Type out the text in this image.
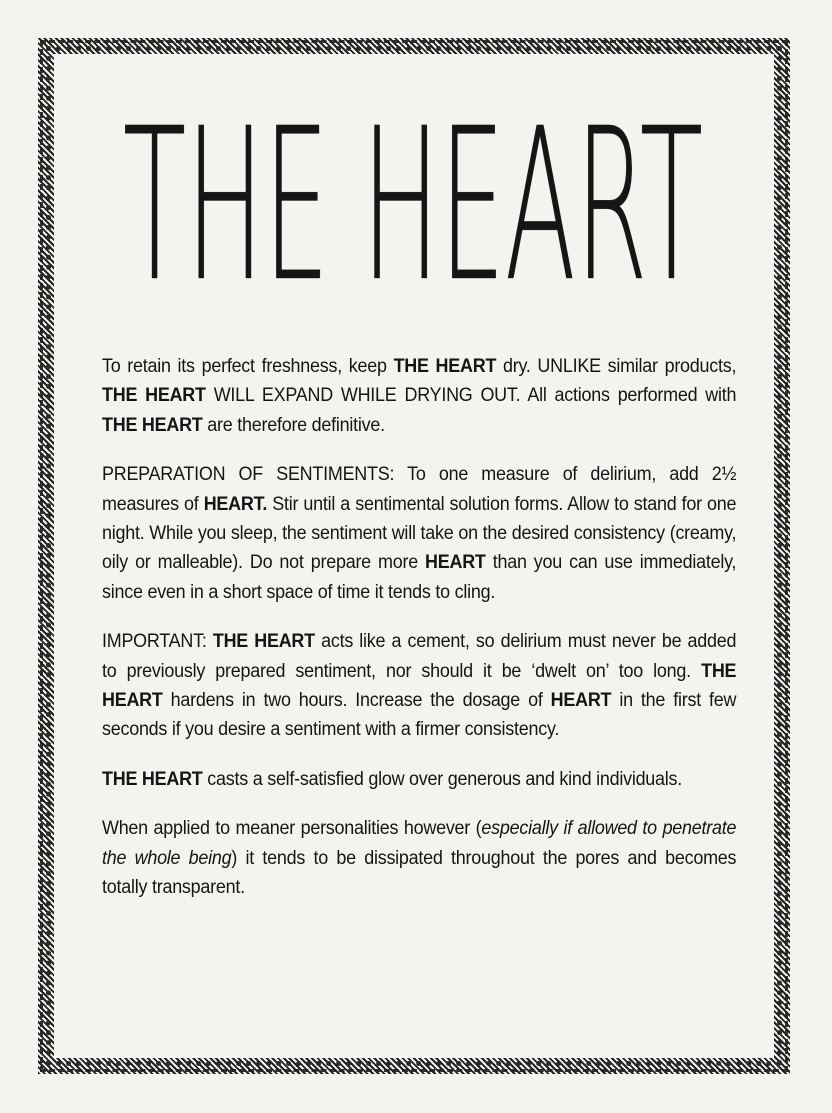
THE HEART

To retain its perfect freshness, keep THE HEART dry. UNLIKE similar products, THE HEART WILL EXPAND WHILE DRYING OUT. All actions performed with THE HEART are therefore definitive.

PREPARATION OF SENTIMENTS: To one measure of delirium, add 2½ measures of HEART. Stir until a sentimental solution forms. Allow to stand for one night. While you sleep, the sentiment will take on the desired consistency (creamy, oily or malleable). Do not prepare more HEART than you can use immediately, since even in a short space of time it tends to cling.

IMPORTANT: THE HEART acts like a cement, so delirium must never be added to previously prepared sentiment, nor should it be ‘dwelt on’ too long. THE HEART hardens in two hours. Increase the dosage of HEART in the first few seconds if you desire a sentiment with a firmer consistency.

THE HEART casts a self-satisfied glow over generous and kind individuals.

When applied to meaner personalities however (especially if allowed to penetrate the whole being) it tends to be dissipated throughout the pores and becomes totally transparent.
